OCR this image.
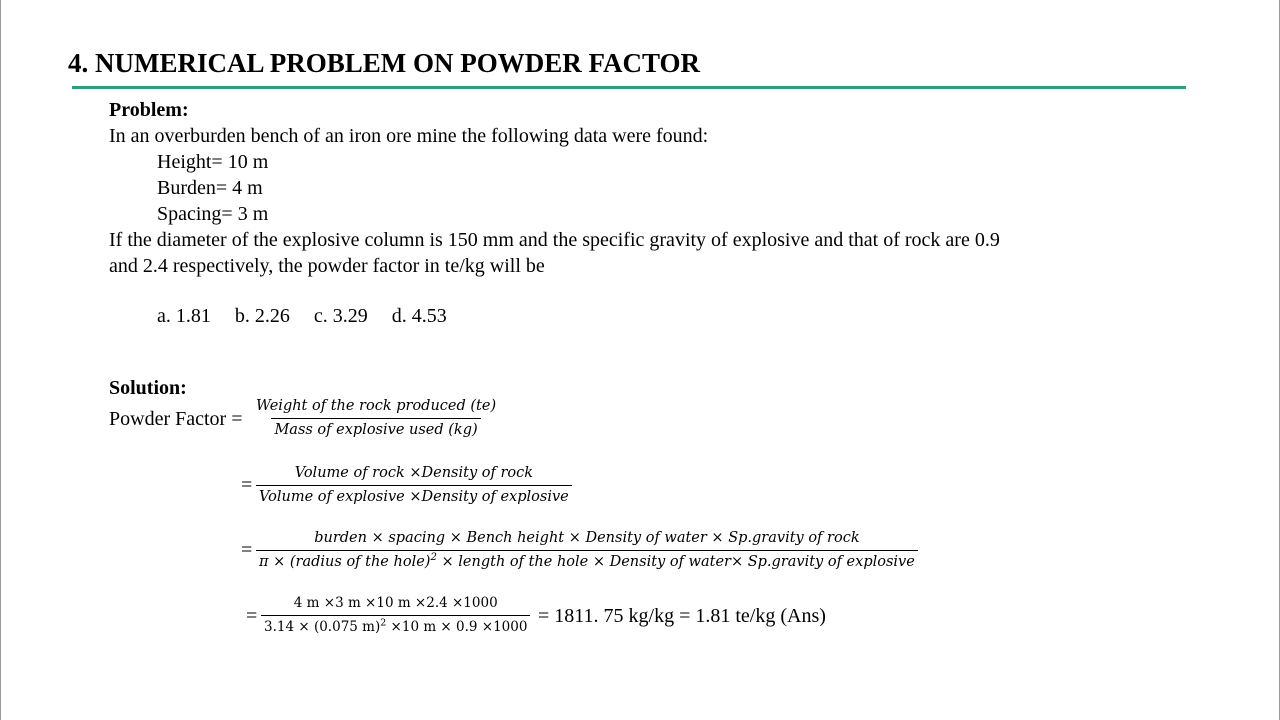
4. NUMERICAL PROBLEM ON POWDER FACTOR
Problem:
In an overburden bench of an iron ore mine the following data were found:
Height= 10 m
Burden= 4 m
Spacing= 3 m
If the diameter of the explosive column is 150 mm and the specific gravity of explosive and that of rock are 0.9
and 2.4 respectively, the powder factor in te/kg will be
a. 1.81 b. 2.26 c. 3.29 d. 4.53
Solution:
Powder Factor =
Weight of the rock produced (te)
Mass of explosive used (kg)
=
Volume of rock ×Density of rock
Volume of explosive ×Density of explosive
=
burden × spacing × Bench height × Density of water × Sp.gravity of rock
π × (radius of the hole)$^2$ × length of the hole × Density of water× Sp.gravity of explosive
= $\frac{4 m \times 3 m \times 10 m \times 2.4 \times 1000}{3.14 \times (0.075 m)^2 \times 10 m \times 0.9 \times 1000} = 1811$. 75 kg/kg = 1.81 te/kg (Ans)
